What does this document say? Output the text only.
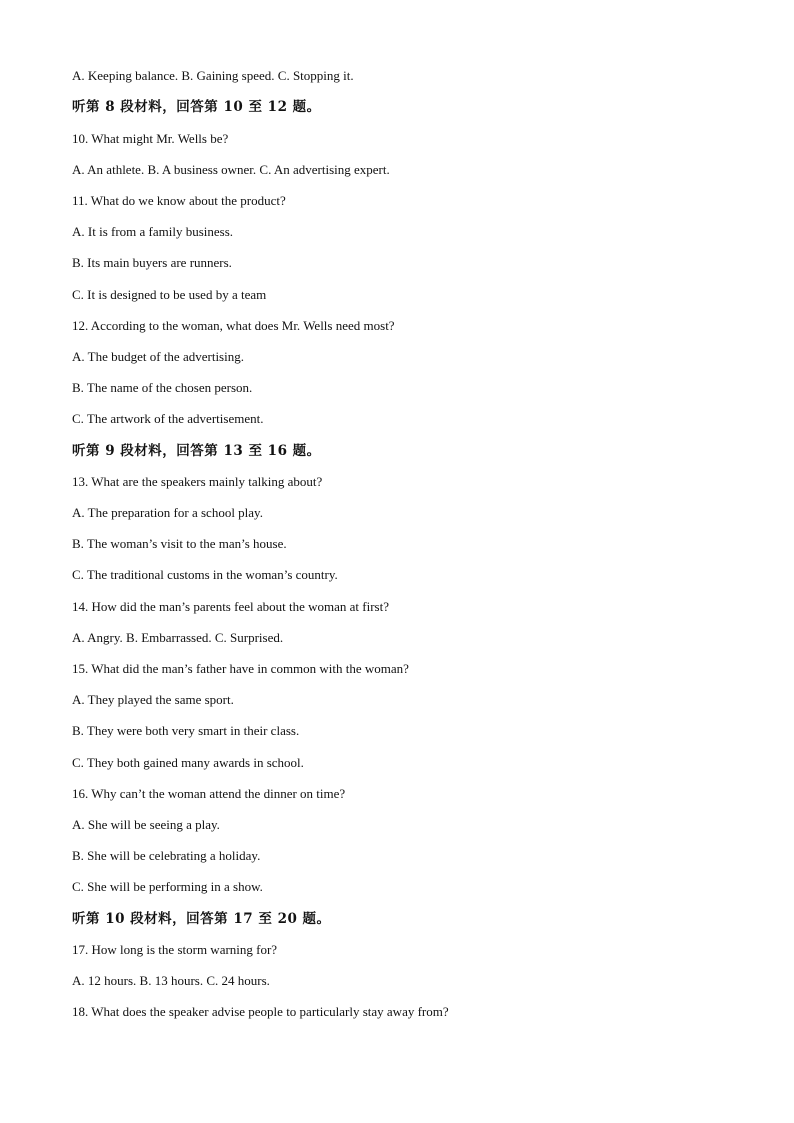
A. Keeping balance. B. Gaining speed. C. Stopping it.
听第 8 段材料，回答第 10 至 12 题。
10. What might Mr. Wells be?
A. An athlete. B. A business owner. C. An advertising expert.
11. What do we know about the product?
A. It is from a family business.
B. Its main buyers are runners.
C. It is designed to be used by a team
12. According to the woman, what does Mr. Wells need most?
A. The budget of the advertising.
B. The name of the chosen person.
C. The artwork of the advertisement.
听第 9 段材料，回答第 13 至 16 题。
13. What are the speakers mainly talking about?
A. The preparation for a school play.
B. The woman’s visit to the man’s house.
C. The traditional customs in the woman’s country.
14. How did the man’s parents feel about the woman at first?
A. Angry. B. Embarrassed. C. Surprised.
15. What did the man’s father have in common with the woman?
A. They played the same sport.
B. They were both very smart in their class.
C. They both gained many awards in school.
16. Why can’t the woman attend the dinner on time?
A. She will be seeing a play.
B. She will be celebrating a holiday.
C. She will be performing in a show.
听第 10 段材料，回答第 17 至 20 题。
17. How long is the storm warning for?
A. 12 hours. B. 13 hours. C. 24 hours.
18. What does the speaker advise people to particularly stay away from?
